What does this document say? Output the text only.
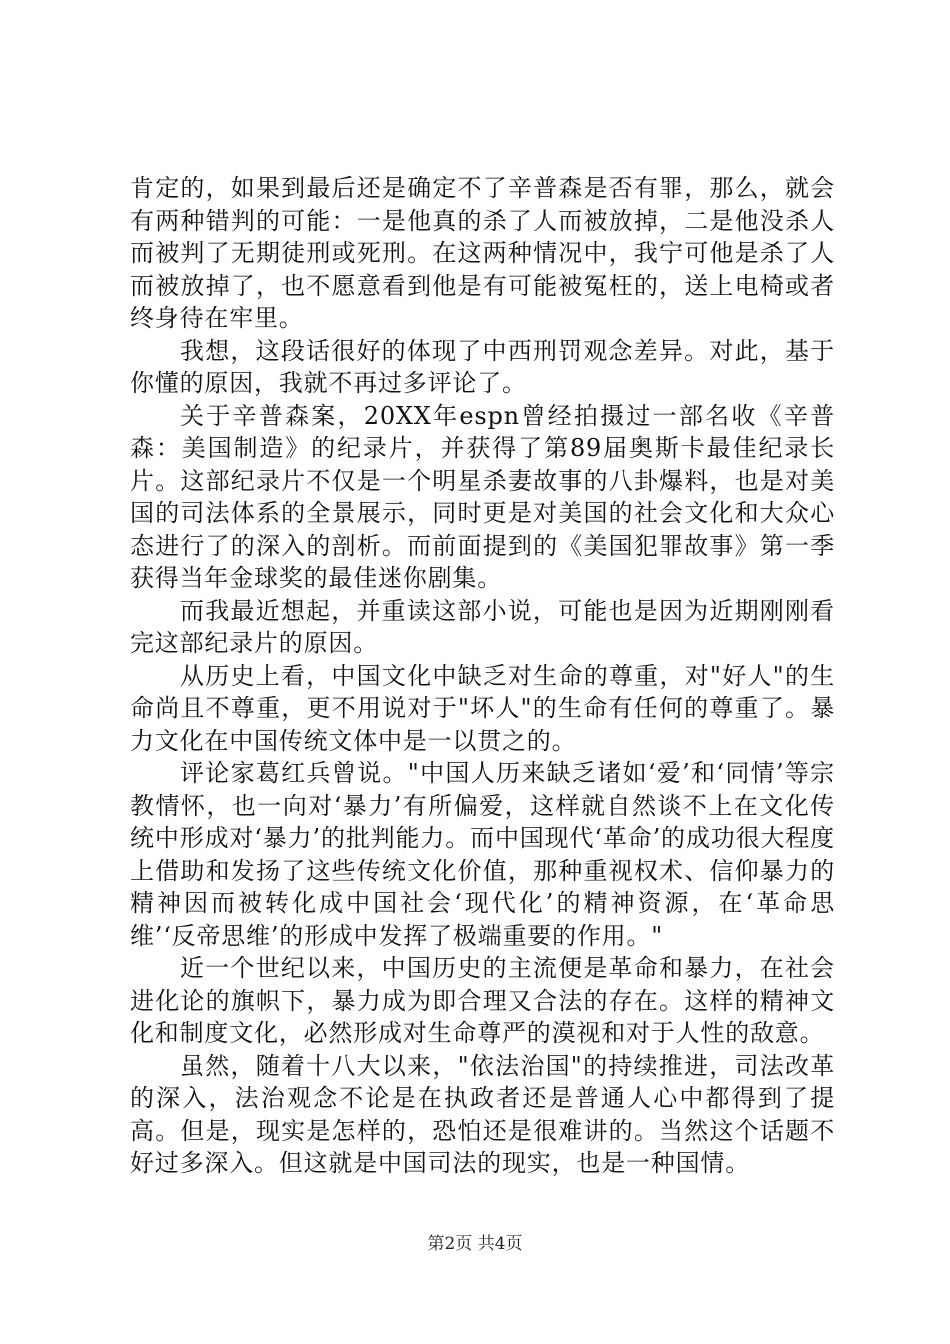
肯定的，如果到最后还是确定不了辛普森是否有罪，那么，就会有两种错判的可能：一是他真的杀了人而被放掉，二是他没杀人而被判了无期徒刑或死刑。在这两种情况中，我宁可他是杀了人而被放掉了，也不愿意看到他是有可能被冤枉的，送上电椅或者终身待在牢里。

我想，这段话很好的体现了中西刑罚观念差异。对此，基于你懂的原因，我就不再过多评论了。

关于辛普森案，20XX年espn曾经拍摄过一部名收《辛普森：美国制造》的纪录片，并获得了第89届奥斯卡最佳纪录长片。这部纪录片不仅是一个明星杀妻故事的八卦爆料，也是对美国的司法体系的全景展示，同时更是对美国的社会文化和大众心态进行了的深入的剖析。而前面提到的《美国犯罪故事》第一季获得当年金球奖的最佳迷你剧集。

而我最近想起，并重读这部小说，可能也是因为近期刚刚看完这部纪录片的原因。

从历史上看，中国文化中缺乏对生命的尊重，对"好人"的生命尚且不尊重，更不用说对于"坏人"的生命有任何的尊重了。暴力文化在中国传统文体中是一以贯之的。

评论家葛红兵曾说。"中国人历来缺乏诸如‘爱’和‘同情’等宗教情怀，也一向对‘暴力’有所偏爱，这样就自然谈不上在文化传统中形成对‘暴力’的批判能力。而中国现代‘革命’的成功很大程度上借助和发扬了这些传统文化价值，那种重视权术、信仰暴力的精神因而被转化成中国社会‘现代化’的精神资源，在‘革命思维’‘反帝思维’的形成中发挥了极端重要的作用。"

近一个世纪以来，中国历史的主流便是革命和暴力，在社会进化论的旗帜下，暴力成为即合理又合法的存在。这样的精神文化和制度文化，必然形成对生命尊严的漠视和对于人性的敌意。

虽然，随着十八大以来，"依法治国"的持续推进，司法改革的深入，法治观念不论是在执政者还是普通人心中都得到了提高。但是，现实是怎样的，恐怕还是很难讲的。当然这个话题不好过多深入。但这就是中国司法的现实，也是一种国情。

第2页 共4页
